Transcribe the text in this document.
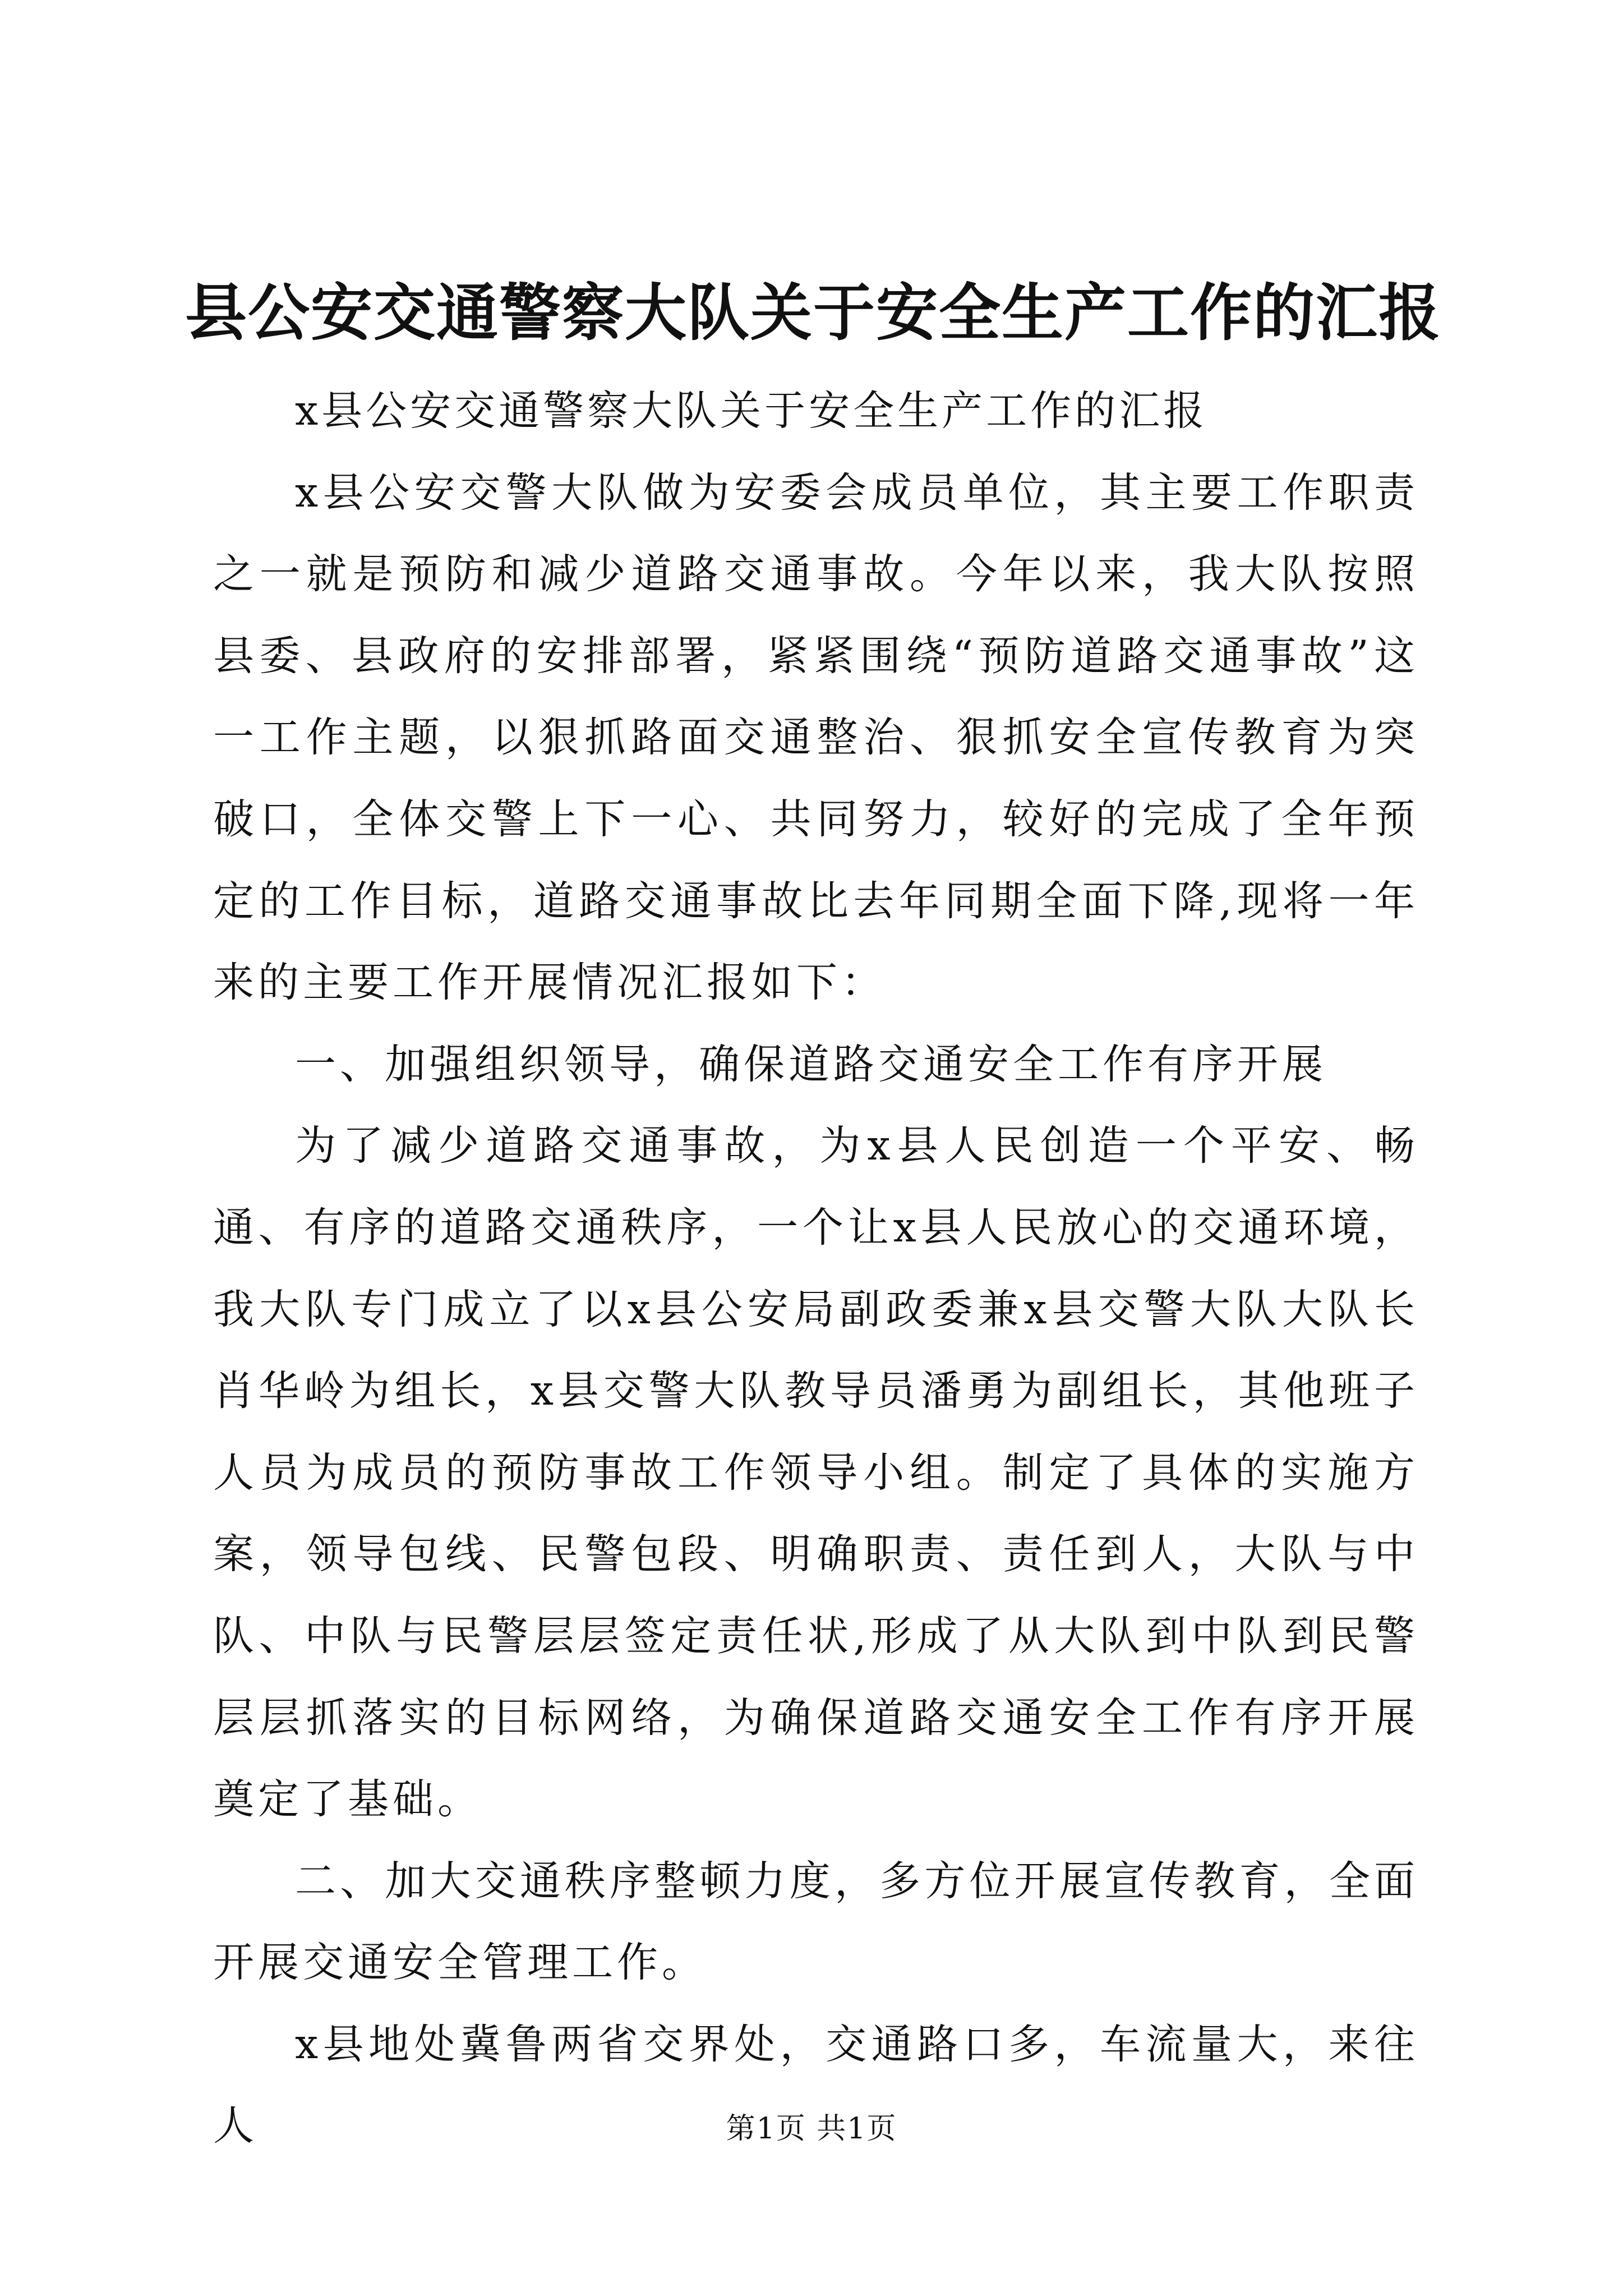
县公安交通警察大队关于安全生产工作的汇报

x县公安交通警察大队关于安全生产工作的汇报

x县公安交警大队做为安委会成员单位，其主要工作职责之一就是预防和减少道路交通事故。今年以来，我大队按照县委、县政府的安排部署，紧紧围绕“预防道路交通事故”这一工作主题，以狠抓路面交通整治、狠抓安全宣传教育为突破口，全体交警上下一心、共同努力，较好的完成了全年预定的工作目标，道路交通事故比去年同期全面下降,现将一年来的主要工作开展情况汇报如下：

一、加强组织领导，确保道路交通安全工作有序开展

为了减少道路交通事故，为x县人民创造一个平安、畅通、有序的道路交通秩序，一个让x县人民放心的交通环境，我大队专门成立了以x县公安局副政委兼x县交警大队大队长肖华岭为组长，x县交警大队教导员潘勇为副组长，其他班子人员为成员的预防事故工作领导小组。制定了具体的实施方案，领导包线、民警包段、明确职责、责任到人，大队与中队、中队与民警层层签定责任状,形成了从大队到中队到民警层层抓落实的目标网络，为确保道路交通安全工作有序开展奠定了基础。

二、加大交通秩序整顿力度，多方位开展宣传教育，全面开展交通安全管理工作。

x县地处冀鲁两省交界处，交通路口多，车流量大，来往人	第1页 共1页
